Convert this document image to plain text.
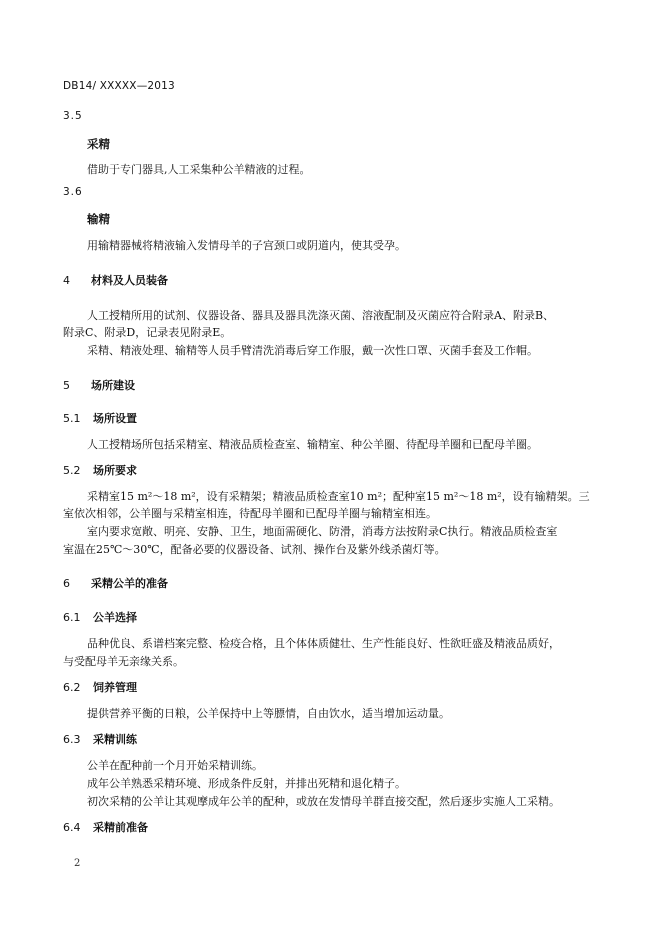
DB14/ XXXXX—2013
3.5
采精
借助于专门器具,人工采集种公羊精液的过程。
3.6
输精
用输精器械将精液输入发情母羊的子宫颈口或阴道内，使其受孕。
4 材料及人员装备
人工授精所用的试剂、仪器设备、器具及器具洗涤灭菌、溶液配制及灭菌应符合附录A、附录B、
附录C、附录D，记录表见附录E。
采精、精液处理、输精等人员手臂清洗消毒后穿工作服，戴一次性口罩、灭菌手套及工作帽。
5 场所建设
5.1 场所设置
人工授精场所包括采精室、精液品质检查室、输精室、种公羊圈、待配母羊圈和已配母羊圈。
5.2 场所要求
采精室15 m²～18 m²，设有采精架；精液品质检查室10 m²；配种室15 m²～18 m²，设有输精架。三
室依次相邻，公羊圈与采精室相连，待配母羊圈和已配母羊圈与输精室相连。
室内要求宽敞、明亮、安静、卫生，地面需硬化、防滑，消毒方法按附录C执行。精液品质检查室
室温在25℃～30℃，配备必要的仪器设备、试剂、操作台及紫外线杀菌灯等。
6 采精公羊的准备
6.1 公羊选择
品种优良、系谱档案完整、检疫合格，且个体体质健壮、生产性能良好、性欲旺盛及精液品质好，
与受配母羊无亲缘关系。
6.2 饲养管理
提供营养平衡的日粮，公羊保持中上等膘情，自由饮水，适当增加运动量。
6.3 采精训练
公羊在配种前一个月开始采精训练。
成年公羊熟悉采精环境、形成条件反射，并排出死精和退化精子。
初次采精的公羊让其观摩成年公羊的配种，或放在发情母羊群直接交配，然后逐步实施人工采精。
6.4 采精前准备
2
